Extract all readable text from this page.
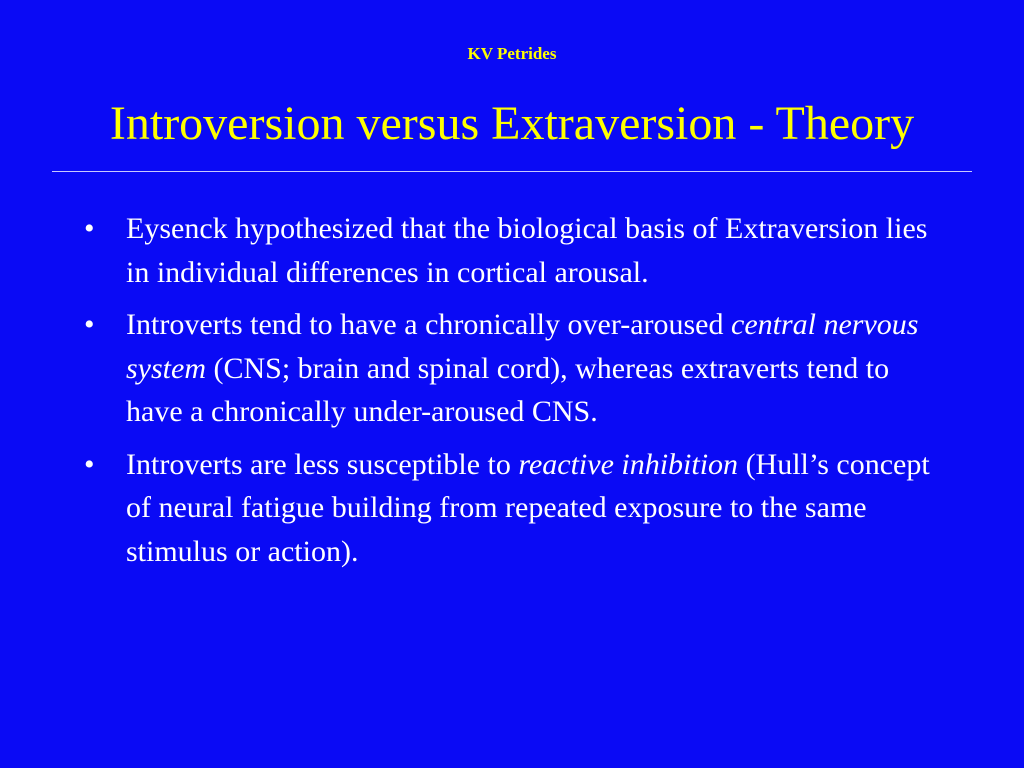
KV Petrides
Introversion versus Extraversion - Theory
• Eysenck hypothesized that the biological basis of Extraversion lies in individual differences in cortical arousal.
• Introverts tend to have a chronically over-aroused central nervous system (CNS; brain and spinal cord), whereas extraverts tend to have a chronically under-aroused CNS.
• Introverts are less susceptible to reactive inhibition (Hull’s concept of neural fatigue building from repeated exposure to the same stimulus or action).
